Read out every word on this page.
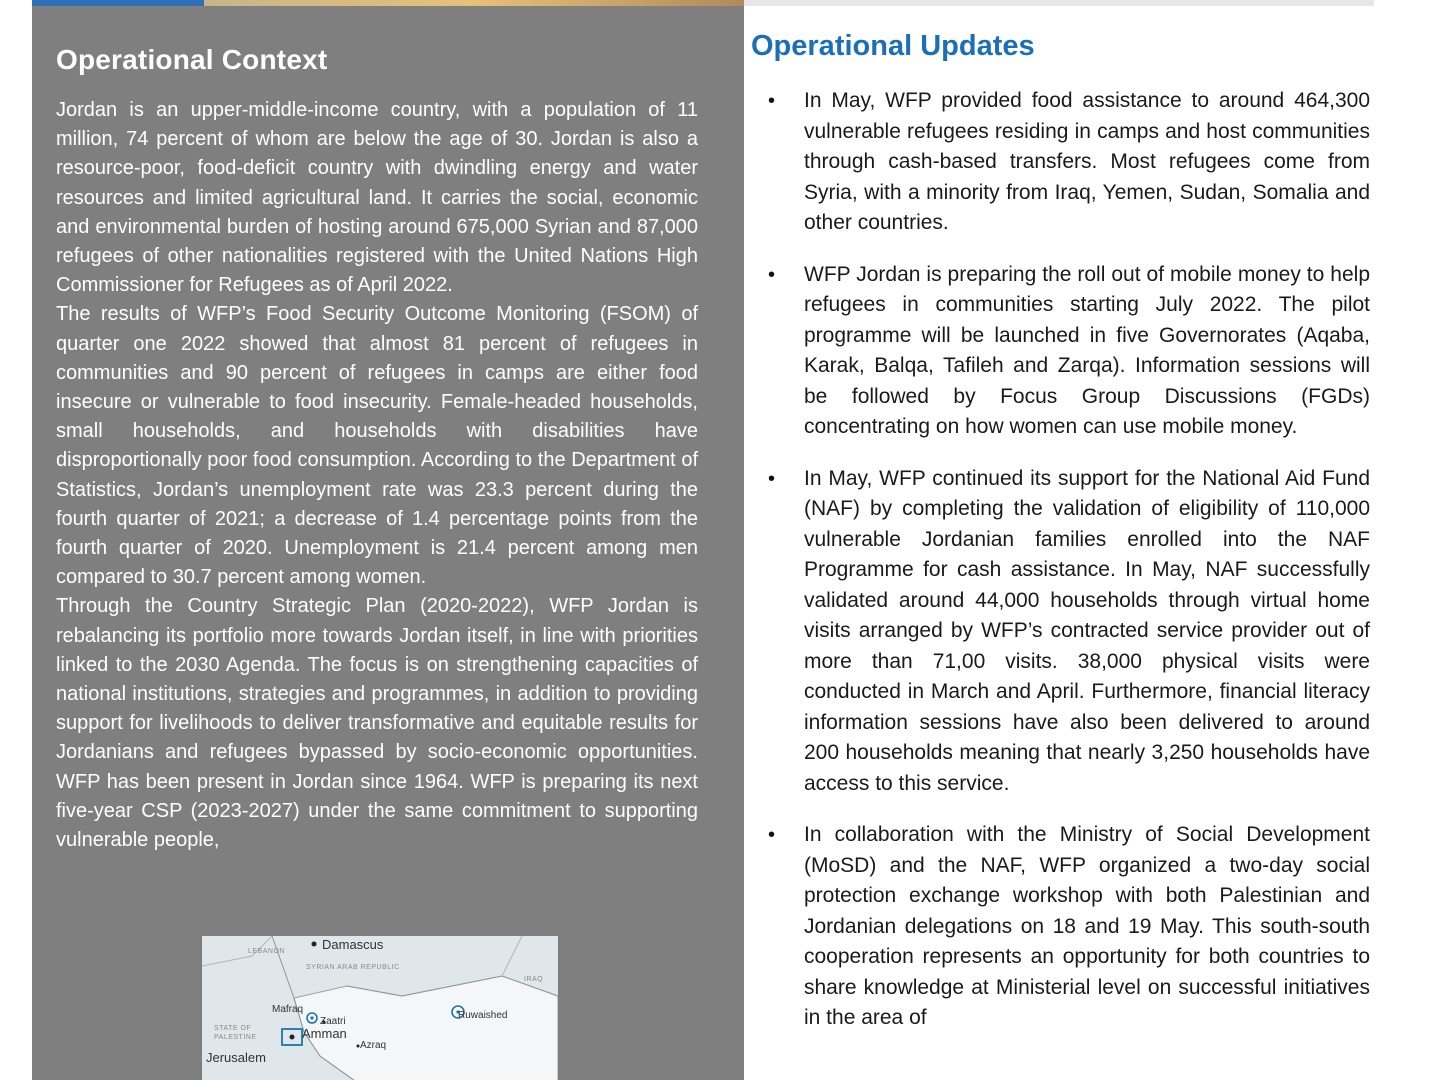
Operational Context

Jordan is an upper-middle-income country, with a population of 11 million, 74 percent of whom are below the age of 30. Jordan is also a resource-poor, food-deficit country with dwindling energy and water resources and limited agricultural land. It carries the social, economic and environmental burden of hosting around 675,000 Syrian and 87,000 refugees of other nationalities registered with the United Nations High Commissioner for Refugees as of April 2022.

The results of WFP’s Food Security Outcome Monitoring (FSOM) of quarter one 2022 showed that almost 81 percent of refugees in communities and 90 percent of refugees in camps are either food insecure or vulnerable to food insecurity. Female-headed households, small households, and households with disabilities have disproportionally poor food consumption. According to the Department of Statistics, Jordan’s unemployment rate was 23.3 percent during the fourth quarter of 2021; a decrease of 1.4 percentage points from the fourth quarter of 2020. Unemployment is 21.4 percent among men compared to 30.7 percent among women.

Through the Country Strategic Plan (2020-2022), WFP Jordan is rebalancing its portfolio more towards Jordan itself, in line with priorities linked to the 2030 Agenda. The focus is on strengthening capacities of national institutions, strategies and programmes, in addition to providing support for livelihoods to deliver transformative and equitable results for Jordanians and refugees bypassed by socio-economic opportunities. WFP has been present in Jordan since 1964. WFP is preparing its next five-year CSP (2023-2027) under the same commitment to supporting vulnerable people,

Damascus
LEBANON
SYRIAN ARAB REPUBLIC
IRAQ
Mafraq
Zaatri
Amman
Azraq
Ruwaished
STATE OF PALESTINE
Jerusalem
Operational Updates
• In May, WFP provided food assistance to around 464,300 vulnerable refugees residing in camps and host communities through cash-based transfers. Most refugees come from Syria, with a minority from Iraq, Yemen, Sudan, Somalia and other countries.

• WFP Jordan is preparing the roll out of mobile money to help refugees in communities starting July 2022. The pilot programme will be launched in five Governorates (Aqaba, Karak, Balqa, Tafileh and Zarqa). Information sessions will be followed by Focus Group Discussions (FGDs) concentrating on how women can use mobile money.

• In May, WFP continued its support for the National Aid Fund (NAF) by completing the validation of eligibility of 110,000 vulnerable Jordanian families enrolled into the NAF Programme for cash assistance. In May, NAF successfully validated around 44,000 households through virtual home visits arranged by WFP’s contracted service provider out of more than 71,00 visits. 38,000 physical visits were conducted in March and April. Furthermore, financial literacy information sessions have also been delivered to around 200 households meaning that nearly 3,250 households have access to this service.

• In collaboration with the Ministry of Social Development (MoSD) and the NAF, WFP organized a two-day social protection exchange workshop with both Palestinian and Jordanian delegations on 18 and 19 May. This south-south cooperation represents an opportunity for both countries to share knowledge at Ministerial level on successful initiatives in the area of
